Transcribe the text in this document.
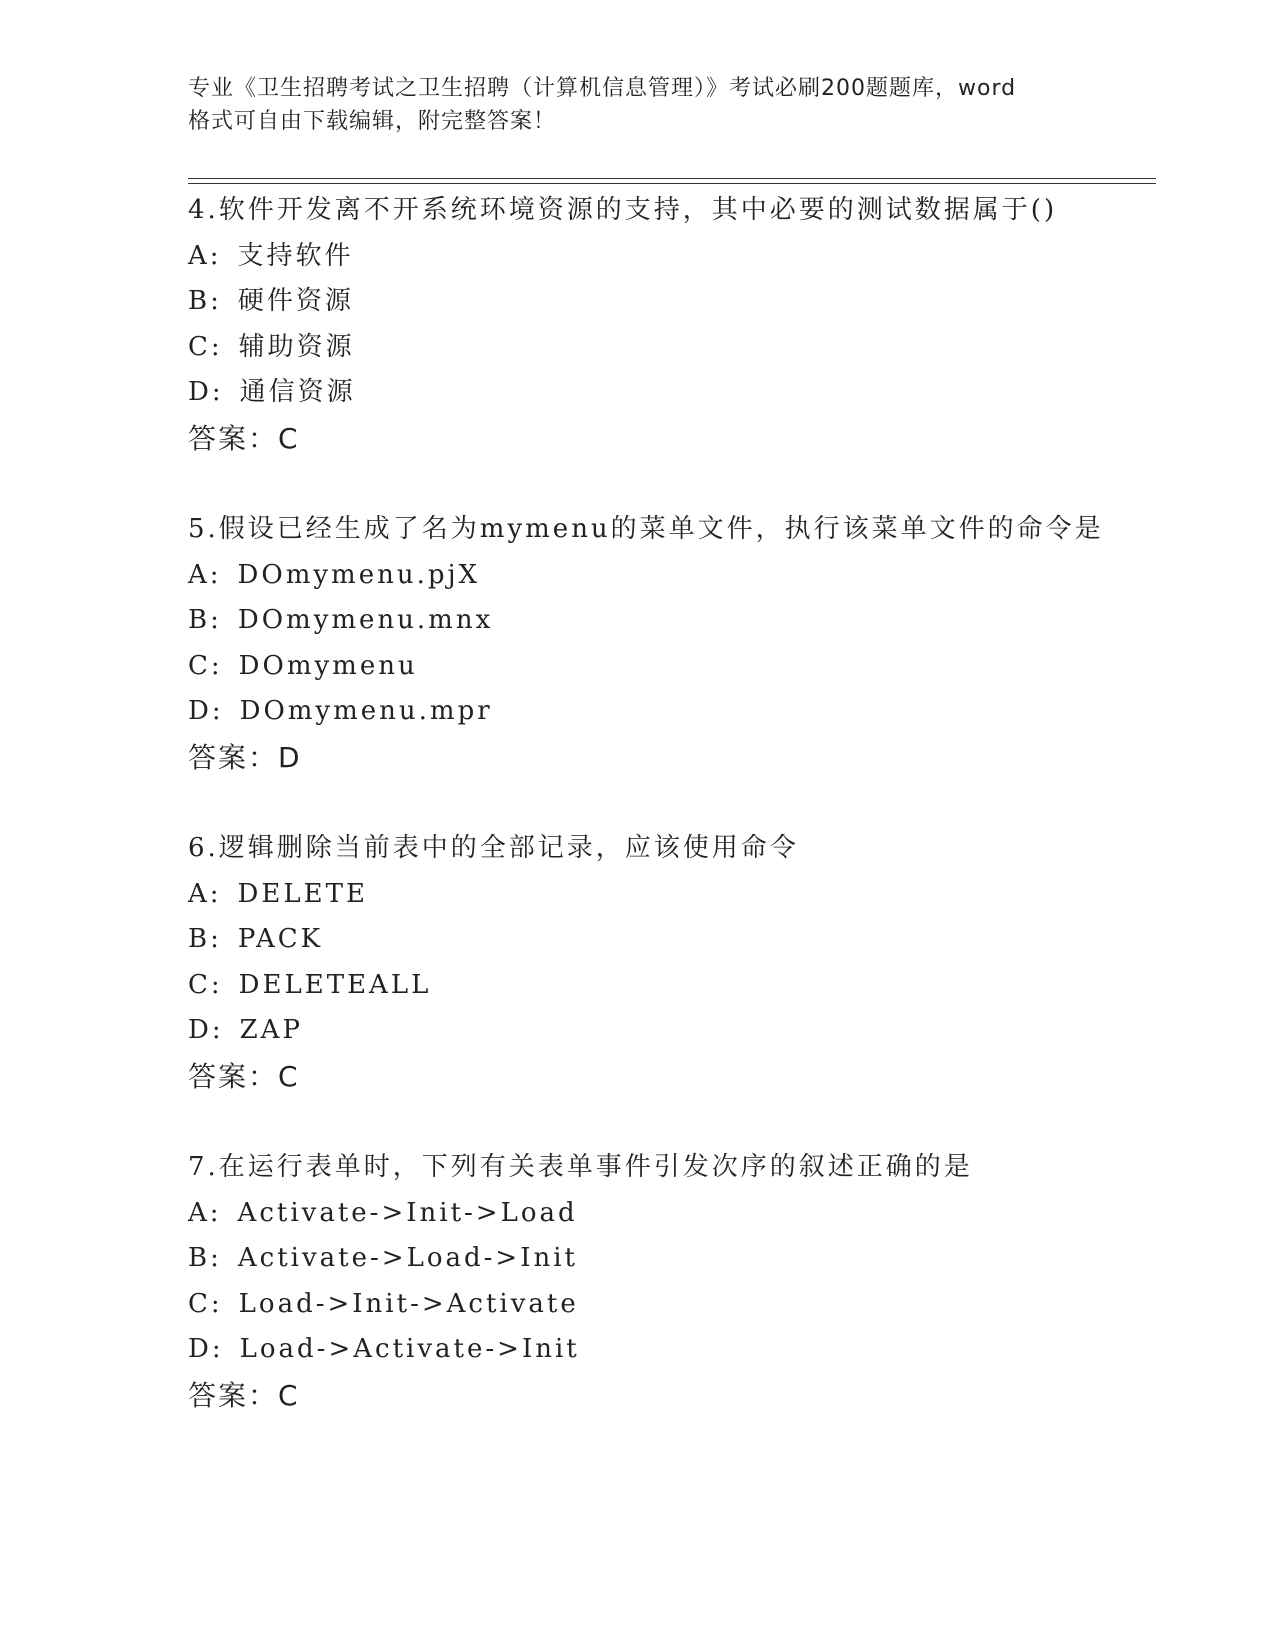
专业《卫生招聘考试之卫生招聘（计算机信息管理）》考试必刷200题题库，word
格式可自由下载编辑，附完整答案！
4.软件开发离不开系统环境资源的支持，其中必要的测试数据属于()
A: 支持软件
B: 硬件资源
C: 辅助资源
D: 通信资源
答案：C
5.假设已经生成了名为mymenu的菜单文件，执行该菜单文件的命令是
A: DOmymenu.pjX
B: DOmymenu.mnx
C: DOmymenu
D: DOmymenu.mpr
答案：D
6.逻辑删除当前表中的全部记录，应该使用命令
A: DELETE
B: PACK
C: DELETEALL
D: ZAP
答案：C
7.在运行表单时，下列有关表单事件引发次序的叙述正确的是
A: Activate->Init->Load
B: Activate->Load->Init
C: Load->Init->Activate
D: Load->Activate->Init
答案：C
